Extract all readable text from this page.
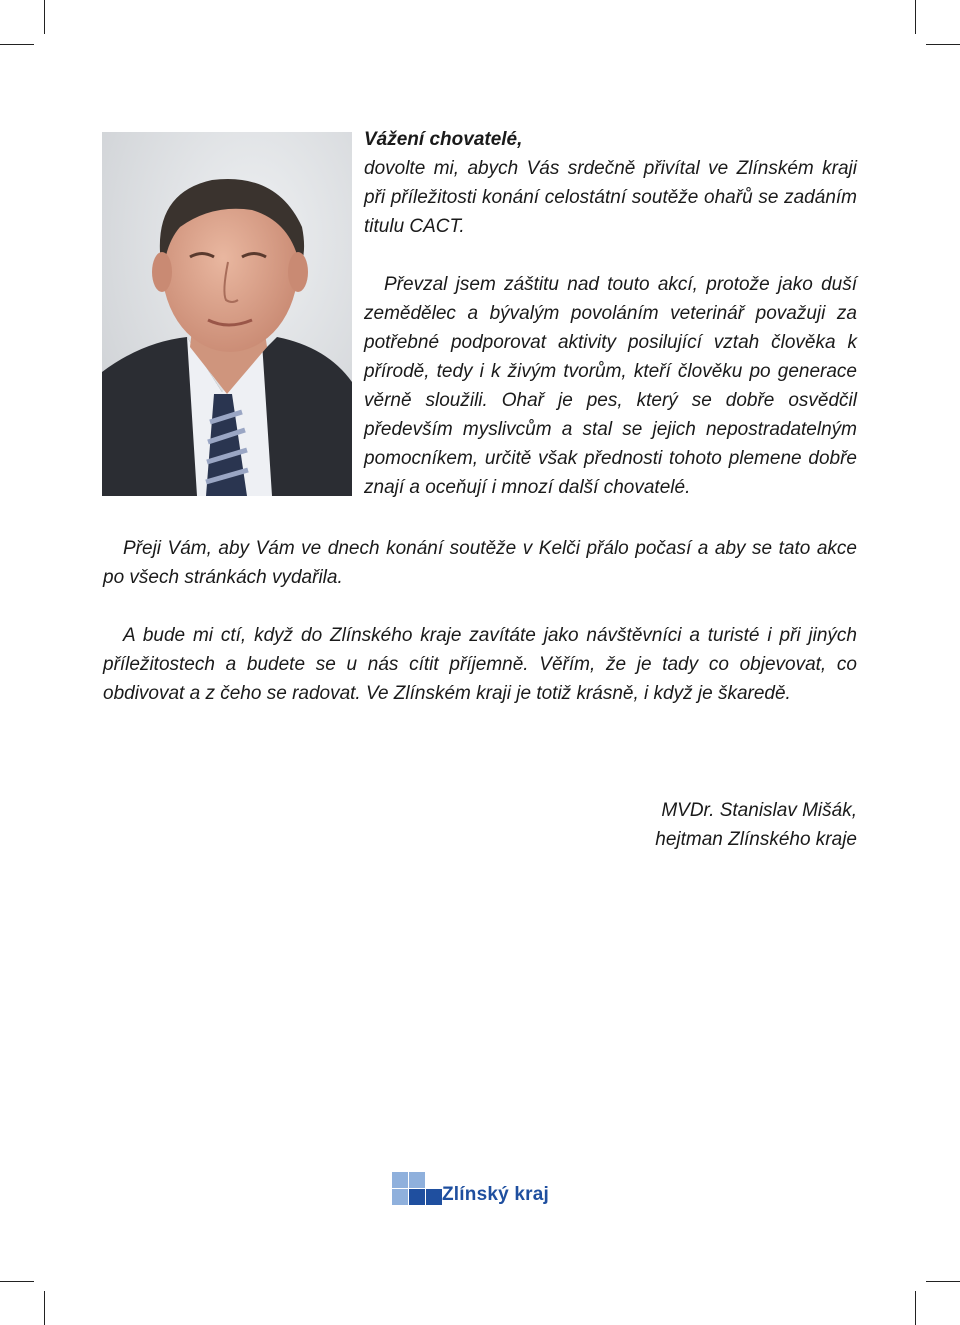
Vážení chovatelé,

dovolte mi, abych Vás srdečně přivítal ve Zlínském kraji při příležitosti konání celostátní soutěže ohařů se zadáním titulu CACT.

Převzal jsem záštitu nad touto akcí, protože jako duší zemědělec a bývalým povoláním veterinář považuji za potřebné podporovat aktivity posilující vztah člověka k přírodě, tedy i k živým tvorům, kteří člověku po generace věrně sloužili. Ohař je pes, který se dobře osvědčil především myslivcům a stal se jejich nepostradatelným pomocníkem, určitě však přednosti tohoto plemene dobře znají a oceňují i mnozí další chovatelé.

Přeji Vám, aby Vám ve dnech konání soutěže v Kelči přálo počasí a aby se tato akce po všech stránkách vydařila.

A bude mi ctí, když do Zlínského kraje zavítáte jako návštěvníci a turisté i při jiných příležitostech a budete se u nás cítit příjemně. Věřím, že je tady co objevovat, co obdivovat a z čeho se radovat. Ve Zlínském kraji je totiž krásně, i když je škaredě.

MVDr. Stanislav Mišák,
hejtman Zlínského kraje
Zlínský kraj
